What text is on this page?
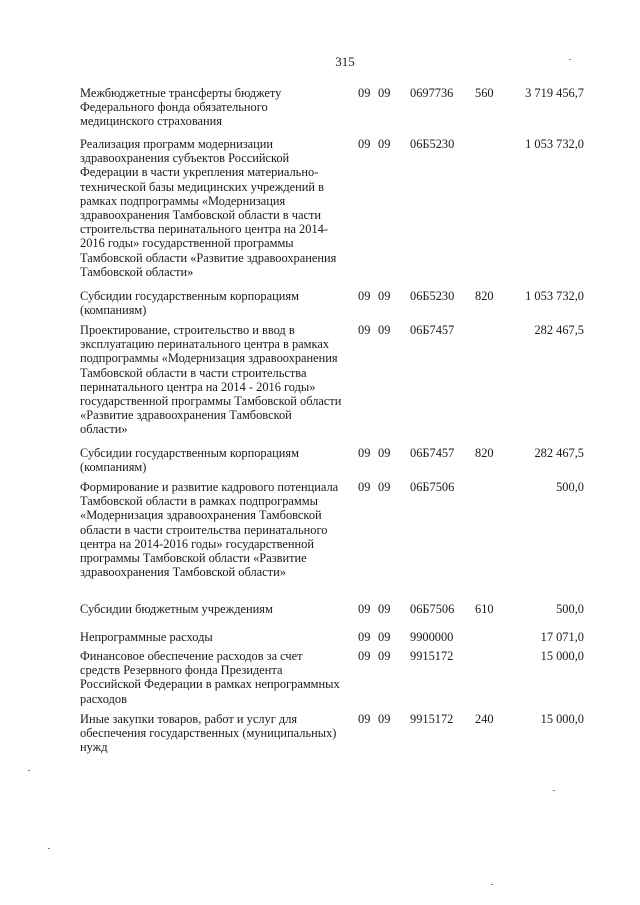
315
Межбюджетные трансферты бюджету Федерального фонда обязательного медицинского страхования
09 09 0697736 560	3 719 456,7
Реализация программ модернизации здравоохранения субъектов Российской Федерации в части укрепления материально-технической базы медицинских учреждений в рамках подпрограммы «Модернизация здравоохранения Тамбовской области в части строительства перинатального центра на 2014-2016 годы» государственной программы Тамбовской области «Развитие здравоохранения Тамбовской области»
09 09 06Б5230	1 053 732,0
Субсидии государственным корпорациям (компаниям)
09 09 06Б5230 820	1 053 732,0
Проектирование, строительство и ввод в эксплуатацию перинатального центра в рамках подпрограммы «Модернизация здравоохранения Тамбовской области в части строительства перинатального центра на 2014 - 2016 годы» государственной программы Тамбовской области «Развитие здравоохранения Тамбовской области»
09 09 06Б7457	282 467,5
Субсидии государственным корпорациям (компаниям)
09 09 06Б7457 820	282 467,5
Формирование и развитие кадрового потенциала Тамбовской области в рамках подпрограммы «Модернизация здравоохранения Тамбовской области в части строительства перинатального центра на 2014-2016 годы» государственной программы Тамбовской области «Развитие здравоохранения Тамбовской области»
09 09 06Б7506	500,0
Субсидии бюджетным учреждениям	09 09 06Б7506 610	500,0
Непрограммные расходы	09 09 9900000	17 071,0
Финансовое обеспечение расходов за счет средств Резервного фонда Президента Российской Федерации в рамках непрограммных расходов
09 09 9915172	15 000,0
Иные закупки товаров, работ и услуг для обеспечения государственных (муниципальных) нужд
09 09 9915172 240	15 000,0
